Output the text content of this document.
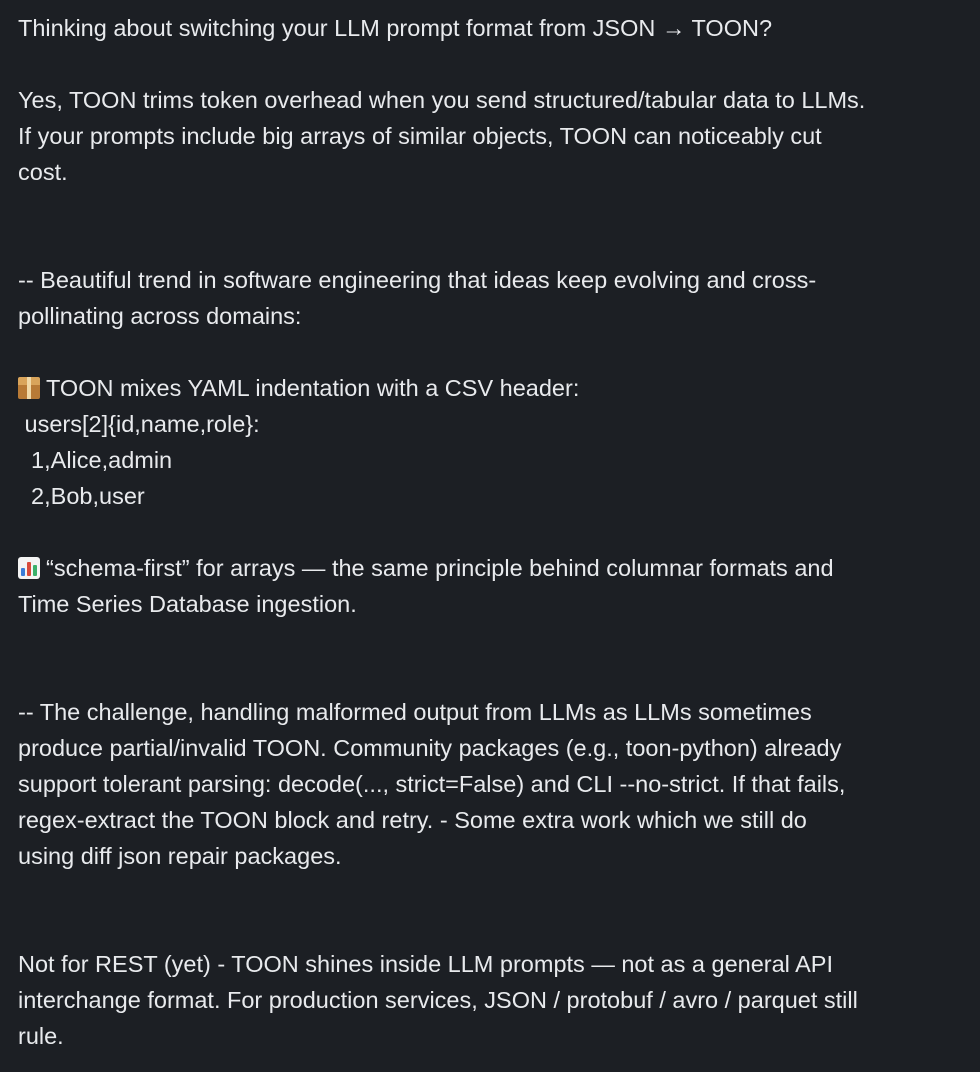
Thinking about switching your LLM prompt format from JSON → TOON?
Yes, TOON trims token overhead when you send structured/tabular data to LLMs.
If your prompts include big arrays of similar objects, TOON can noticeably cut
cost.
-- Beautiful trend in software engineering that ideas keep evolving and cross-
pollinating across domains:
TOON mixes YAML indentation with a CSV header:
users[2]{id,name,role}:
1,Alice,admin
2,Bob,user
“schema-first” for arrays — the same principle behind columnar formats and
Time Series Database ingestion.
-- The challenge, handling malformed output from LLMs as LLMs sometimes
produce partial/invalid TOON. Community packages (e.g., toon-python) already
support tolerant parsing: decode(..., strict=False) and CLI --no-strict. If that fails,
regex-extract the TOON block and retry. - Some extra work which we still do
using diff json repair packages.
Not for REST (yet) - TOON shines inside LLM prompts — not as a general API
interchange format. For production services, JSON / protobuf / avro / parquet still
rule.
